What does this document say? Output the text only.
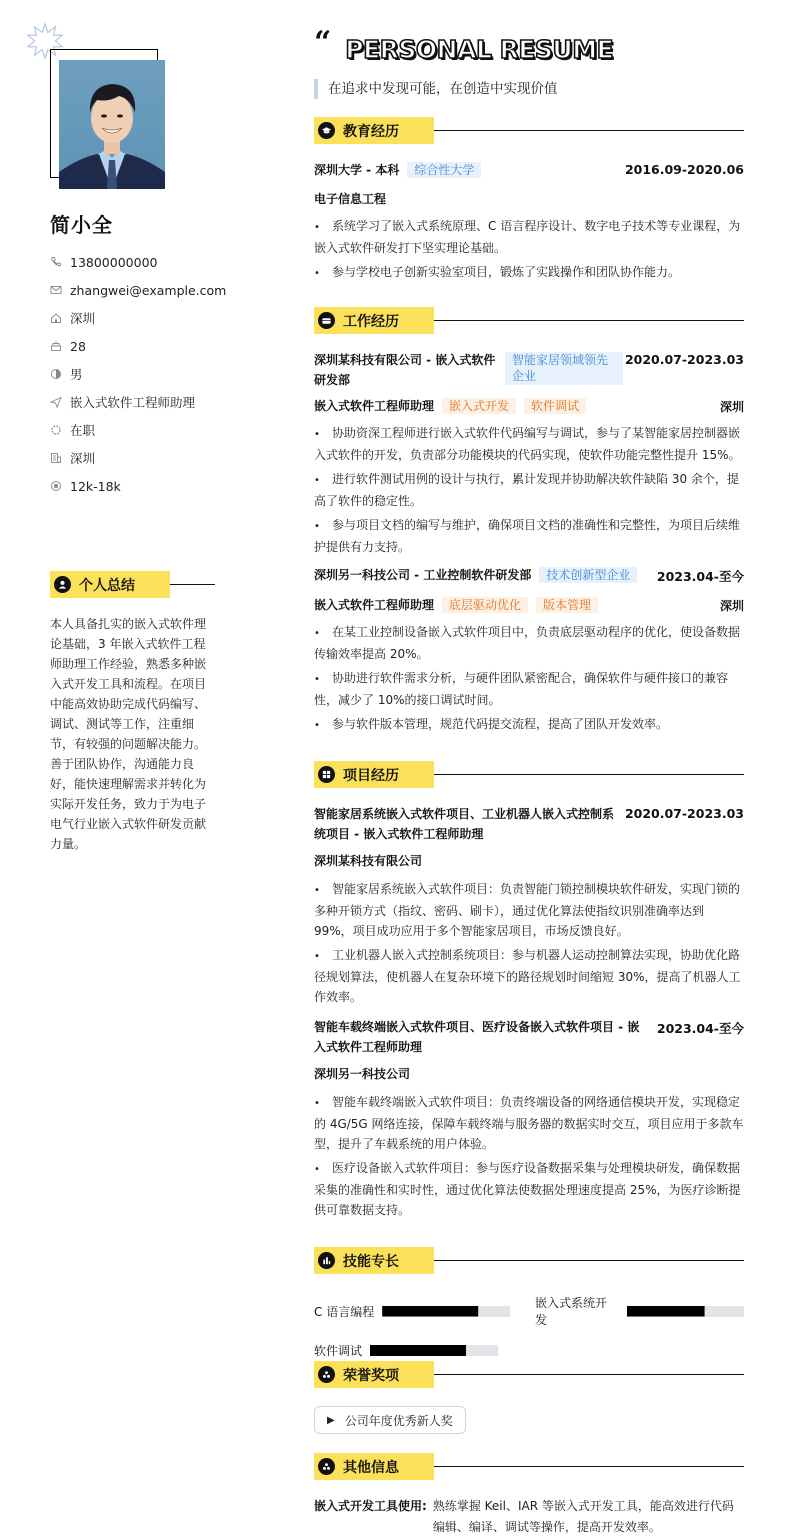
简小全
13800000000
zhangwei@example.com
深圳
28
男
嵌入式软件工程师助理
在职
深圳
12k-18k
个人总结
本人具备扎实的嵌入式软件理论基础，3 年嵌入式软件工程师助理工作经验，熟悉多种嵌入式开发工具和流程。在项目中能高效协助完成代码编写、调试、测试等工作，注重细节，有较强的问题解决能力。善于团队协作，沟通能力良好，能快速理解需求并转化为实际开发任务，致力于为电子电气行业嵌入式软件研发贡献力量。
“ PERSONAL RESUME
在追求中发现可能，在创造中实现价值
教育经历
深圳大学 - 本科 综合性大学	2016.09-2020.06
电子信息工程
• 系统学习了嵌入式系统原理、C 语言程序设计、数字电子技术等专业课程，为嵌入式软件研发打下坚实理论基础。
• 参与学校电子创新实验室项目，锻炼了实践操作和团队协作能力。
工作经历
深圳某科技有限公司 - 嵌入式软件研发部
智能家居领域领先企业
2020.07-2023.03
嵌入式软件工程师助理 嵌入式开发 软件调试	深圳
• 协助资深工程师进行嵌入式软件代码编写与调试，参与了某智能家居控制器嵌入式软件的开发，负责部分功能模块的代码实现，使软件功能完整性提升 15%。
• 进行软件测试用例的设计与执行，累计发现并协助解决软件缺陷 30 余个，提高了软件的稳定性。
• 参与项目文档的编写与维护，确保项目文档的准确性和完整性，为项目后续维护提供有力支持。
深圳另一科技公司 - 工业控制软件研发部 技术创新型企业	2023.04-至今
嵌入式软件工程师助理 底层驱动优化 版本管理	深圳
• 在某工业控制设备嵌入式软件项目中，负责底层驱动程序的优化，使设备数据传输效率提高 20%。
• 协助进行软件需求分析，与硬件团队紧密配合，确保软件与硬件接口的兼容性，减少了 10%的接口调试时间。
• 参与软件版本管理，规范代码提交流程，提高了团队开发效率。
项目经历
智能家居系统嵌入式软件项目、工业机器人嵌入式控制系统项目 - 嵌入式软件工程师助理
2020.07-2023.03
深圳某科技有限公司
• 智能家居系统嵌入式软件项目：负责智能门锁控制模块软件研发，实现门锁的多种开锁方式（指纹、密码、刷卡），通过优化算法使指纹识别准确率达到 99%，项目成功应用于多个智能家居项目，市场反馈良好。
• 工业机器人嵌入式控制系统项目：参与机器人运动控制算法实现，协助优化路径规划算法，使机器人在复杂环境下的路径规划时间缩短 30%，提高了机器人工作效率。
智能车载终端嵌入式软件项目、医疗设备嵌入式软件项目 - 嵌入式软件工程师助理
2023.04-至今
深圳另一科技公司
• 智能车载终端嵌入式软件项目：负责终端设备的网络通信模块开发，实现稳定的 4G/5G 网络连接，保障车载终端与服务器的数据实时交互，项目应用于多款车型，提升了车载系统的用户体验。
• 医疗设备嵌入式软件项目：参与医疗设备数据采集与处理模块研发，确保数据采集的准确性和实时性，通过优化算法使数据处理速度提高 25%，为医疗诊断提供可靠数据支持。
技能专长
C 语言编程
嵌入式系统开发
软件调试
荣誉奖项
▶ 公司年度优秀新人奖
其他信息
嵌入式开发工具使用: 熟练掌握 Keil、IAR 等嵌入式开发工具，能高效进行代码编辑、编译、调试等操作，提高开发效率。
